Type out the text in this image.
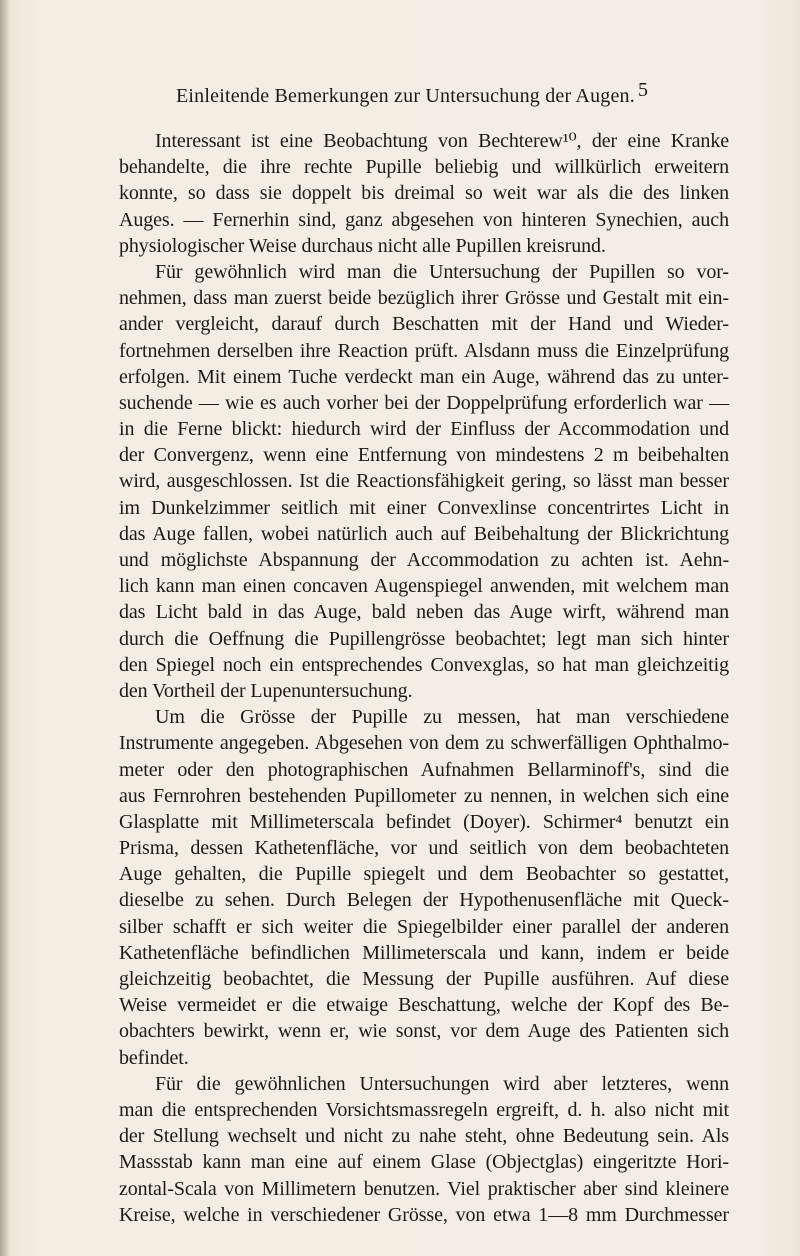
Einleitende Bemerkungen zur Untersuchung der Augen. 5
Interessant ist eine Beobachtung von Bechterew¹⁰, der eine Kranke
behandelte, die ihre rechte Pupille beliebig und willkürlich erweitern
konnte, so dass sie doppelt bis dreimal so weit war als die des linken
Auges. — Fernerhin sind, ganz abgesehen von hinteren Synechien, auch
physiologischer Weise durchaus nicht alle Pupillen kreisrund.
Für gewöhnlich wird man die Untersuchung der Pupillen so vor-
nehmen, dass man zuerst beide bezüglich ihrer Grösse und Gestalt mit ein-
ander vergleicht, darauf durch Beschatten mit der Hand und Wieder-
fortnehmen derselben ihre Reaction prüft. Alsdann muss die Einzelprüfung
erfolgen. Mit einem Tuche verdeckt man ein Auge, während das zu unter-
suchende — wie es auch vorher bei der Doppelprüfung erforderlich war —
in die Ferne blickt: hiedurch wird der Einfluss der Accommodation und
der Convergenz, wenn eine Entfernung von mindestens 2 m beibehalten
wird, ausgeschlossen. Ist die Reactionsfähigkeit gering, so lässt man besser
im Dunkelzimmer seitlich mit einer Convexlinse concentrirtes Licht in
das Auge fallen, wobei natürlich auch auf Beibehaltung der Blickrichtung
und möglichste Abspannung der Accommodation zu achten ist. Aehn-
lich kann man einen concaven Augenspiegel anwenden, mit welchem man
das Licht bald in das Auge, bald neben das Auge wirft, während man
durch die Oeffnung die Pupillengrösse beobachtet; legt man sich hinter
den Spiegel noch ein entsprechendes Convexglas, so hat man gleichzeitig
den Vortheil der Lupenuntersuchung.
Um die Grösse der Pupille zu messen, hat man verschiedene
Instrumente angegeben. Abgesehen von dem zu schwerfälligen Ophthalmo-
meter oder den photographischen Aufnahmen Bellarminoff's, sind die
aus Fernrohren bestehenden Pupillometer zu nennen, in welchen sich eine
Glasplatte mit Millimeterscala befindet (Doyer). Schirmer⁴ benutzt ein
Prisma, dessen Kathetenfläche, vor und seitlich von dem beobachteten
Auge gehalten, die Pupille spiegelt und dem Beobachter so gestattet,
dieselbe zu sehen. Durch Belegen der Hypothenusenfläche mit Queck-
silber schafft er sich weiter die Spiegelbilder einer parallel der anderen
Kathetenfläche befindlichen Millimeterscala und kann, indem er beide
gleichzeitig beobachtet, die Messung der Pupille ausführen. Auf diese
Weise vermeidet er die etwaige Beschattung, welche der Kopf des Be-
obachters bewirkt, wenn er, wie sonst, vor dem Auge des Patienten sich
befindet.
Für die gewöhnlichen Untersuchungen wird aber letzteres, wenn
man die entsprechenden Vorsichtsmassregeln ergreift, d. h. also nicht mit
der Stellung wechselt und nicht zu nahe steht, ohne Bedeutung sein. Als
Massstab kann man eine auf einem Glase (Objectglas) eingeritzte Hori-
zontal-Scala von Millimetern benutzen. Viel praktischer aber sind kleinere
Kreise, welche in verschiedener Grösse, von etwa 1—8 mm Durchmesser
